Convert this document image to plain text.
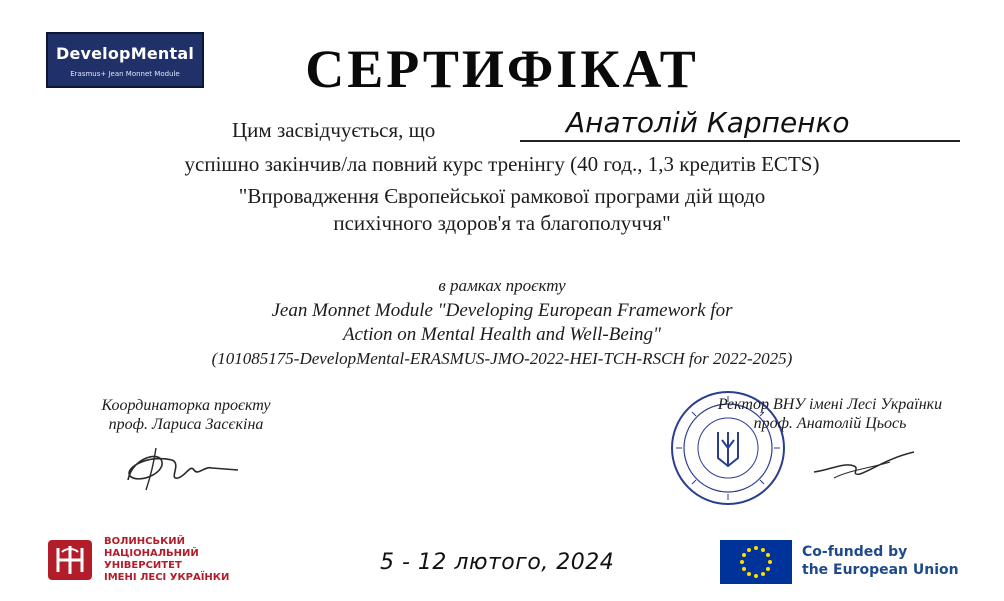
DevelopMental
Erasmus+ Jean Monnet Module	СЕРТИФІКАТ
Цим засвідчується, що	Анатолій Карпенко
успішно закінчив/ла повний курс тренінгу (40 год., 1,3 кредитів ECTS)
"Впровадження Європейської рамкової програми дій щодо
психічного здоров'я та благополуччя"
в рамках проєкту
Jean Monnet Module "Developing European Framework for
Action on Mental Health and Well-Being"
(101085175-DevelopMental-ERASMUS-JMO-2022-HEI-TCH-RSCH for 2022-2025)
Координаторка проєкту
проф. Лариса Засєкіна
Ректор ВНУ імені Лесі Українки
проф. Анатолій Цьось
ВОЛИНСЬКИЙ
НАЦІОНАЛЬНИЙ
УНІВЕРСИТЕТ
ІМЕНІ ЛЕСІ УКРАЇНКИ
5 - 12 лютого, 2024	Co-funded by
the European Union
